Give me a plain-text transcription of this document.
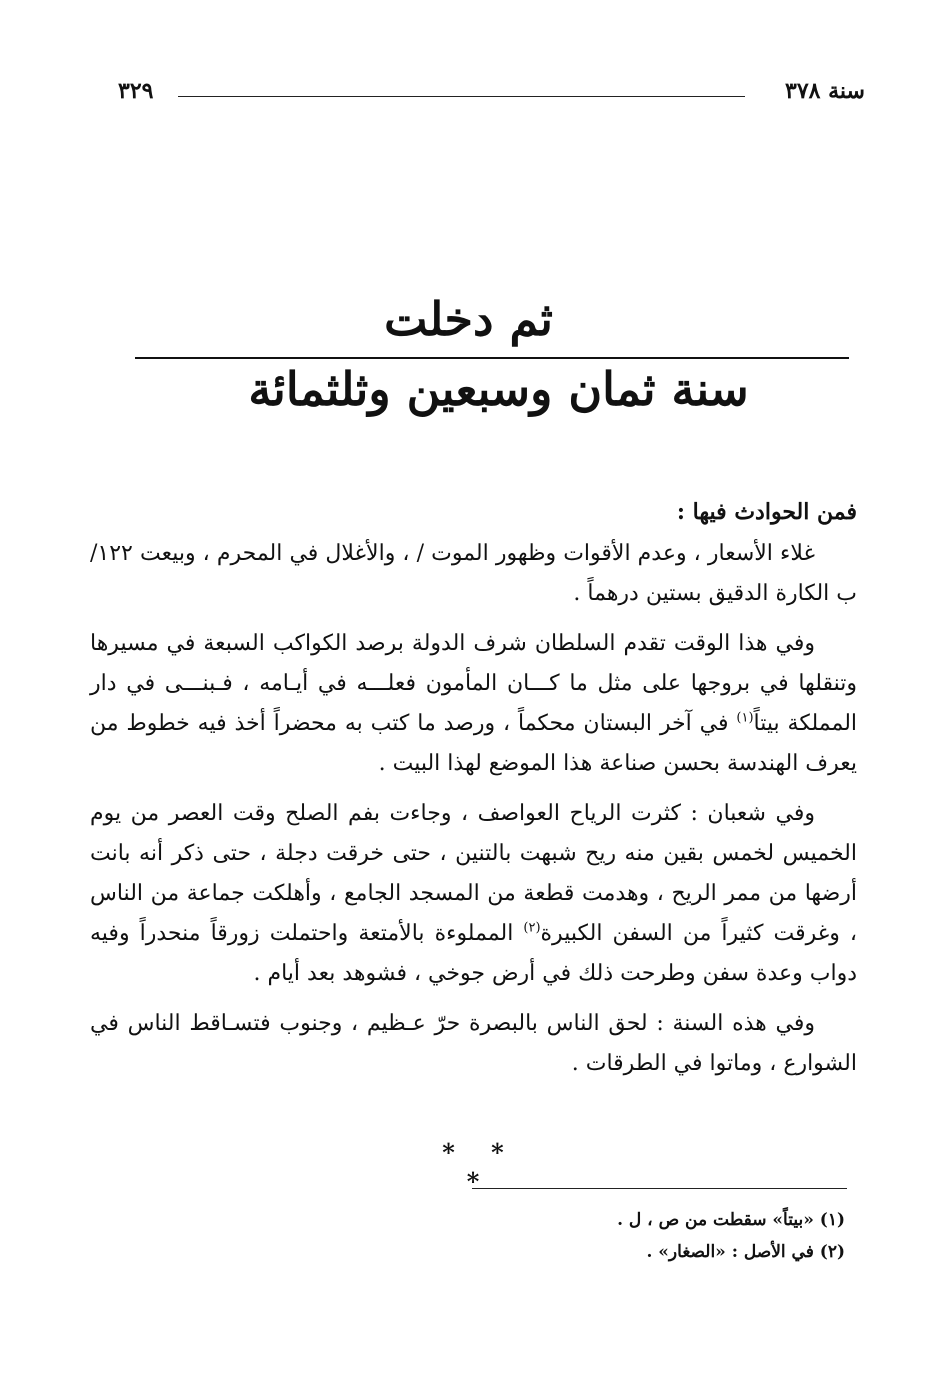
سنة ٣٧٨
٣٢٩
ثم دخلت
سنة ثمان وسبعين وثلثمائة

فمن الحوادث فيها :

غلاء الأسعار ، وعدم الأقوات وظهور الموت / ، والأغلال في المحرم ، وبيعت ١٢٢/ب الكارة الدقيق بستين درهماً .

وفي هذا الوقت تقدم السلطان شرف الدولة برصد الكواكب السبعة في مسيرها وتنقلها في بروجها على مثل ما كـــان المأمون فعلـــه في أيـامه ، فـبنـــى في دار المملكة بيتاً$^{(١)}$ في آخر البستان محكماً ، ورصد ما كتب به محضراً أخذ فيه خطوط من يعرف الهندسة بحسن صناعة هذا الموضع لهذا البيت .

وفي شعبان : كثرت الرياح العواصف ، وجاءت بفم الصلح وقت العصر من يوم الخميس لخمس بقين منه ريح شبهت بالتنين ، حتى خرقت دجلة ، حتى ذكر أنه بانت أرضها من ممر الريح ، وهدمت قطعة من المسجد الجامع ، وأهلكت جماعة من الناس ، وغرقت كثيراً من السفن الكبيرة$^{(٢)}$ المملوءة بالأمتعة واحتملت زورقاً منحدراً وفيه دواب وعدة سفن وطرحت ذلك في أرض جوخي ، فشوهد بعد أيام .

وفي هذه السنة : لحق الناس بالبصرة حرّ عـظيم ، وجنوب فتسـاقط الناس في الشوارع ، وماتوا في الطرقات .

* * *
(١) «بيتاً» سقطت من ص ، ل .
(٢) في الأصل : «الصغار» .
